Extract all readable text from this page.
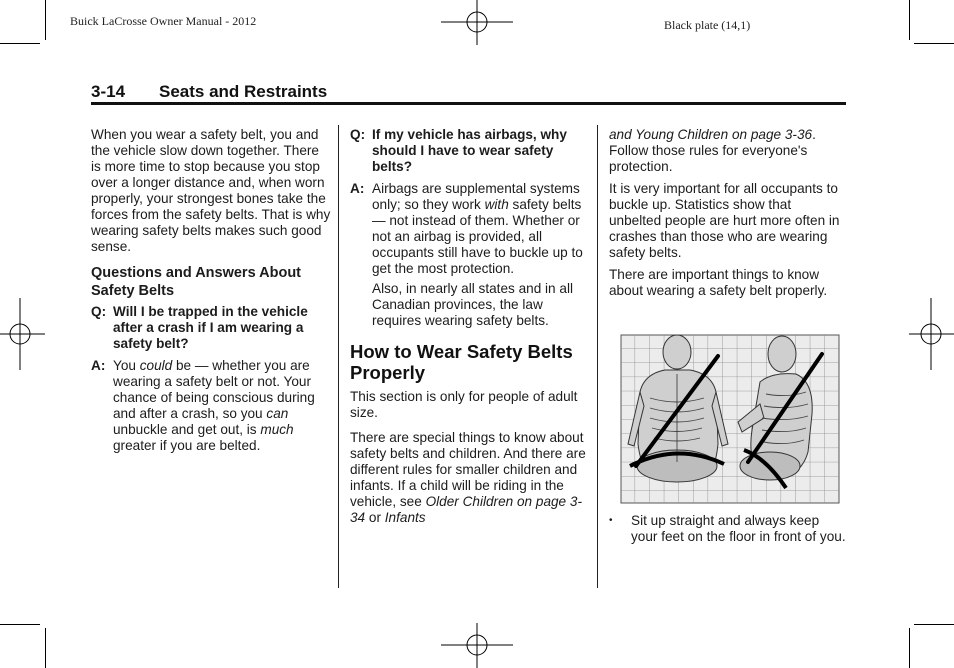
Buick LaCrosse Owner Manual - 2012	Black plate (14,1)
3-14 Seats and Restraints

When you wear a safety belt, you and the vehicle slow down together. There is more time to stop because you stop over a longer distance and, when worn properly, your strongest bones take the forces from the safety belts. That is why wearing safety belts makes such good sense.

Questions and Answers About Safety Belts
Q: Will I be trapped in the vehicle after a crash if I am wearing a safety belt?
A: You could be — whether you are wearing a safety belt or not. Your chance of being conscious during and after a crash, so you can unbuckle and get out, is much greater if you are belted.
Q: If my vehicle has airbags, why should I have to wear safety belts?
A: Airbags are supplemental systems only; so they work with safety belts — not instead of them. Whether or not an airbag is provided, all occupants still have to buckle up to get the most protection.

Also, in nearly all states and in all Canadian provinces, the law requires wearing safety belts.

How to Wear Safety Belts Properly

This section is only for people of adult size.

There are special things to know about safety belts and children. And there are different rules for smaller children and infants. If a child will be riding in the vehicle, see Older Children on page 3-34 or Infants

and Young Children on page 3-36. Follow those rules for everyone's protection.

It is very important for all occupants to buckle up. Statistics show that unbelted people are hurt more often in crashes than those who are wearing safety belts.

There are important things to know about wearing a safety belt properly.

•	Sit up straight and always keep your feet on the floor in front of you.
